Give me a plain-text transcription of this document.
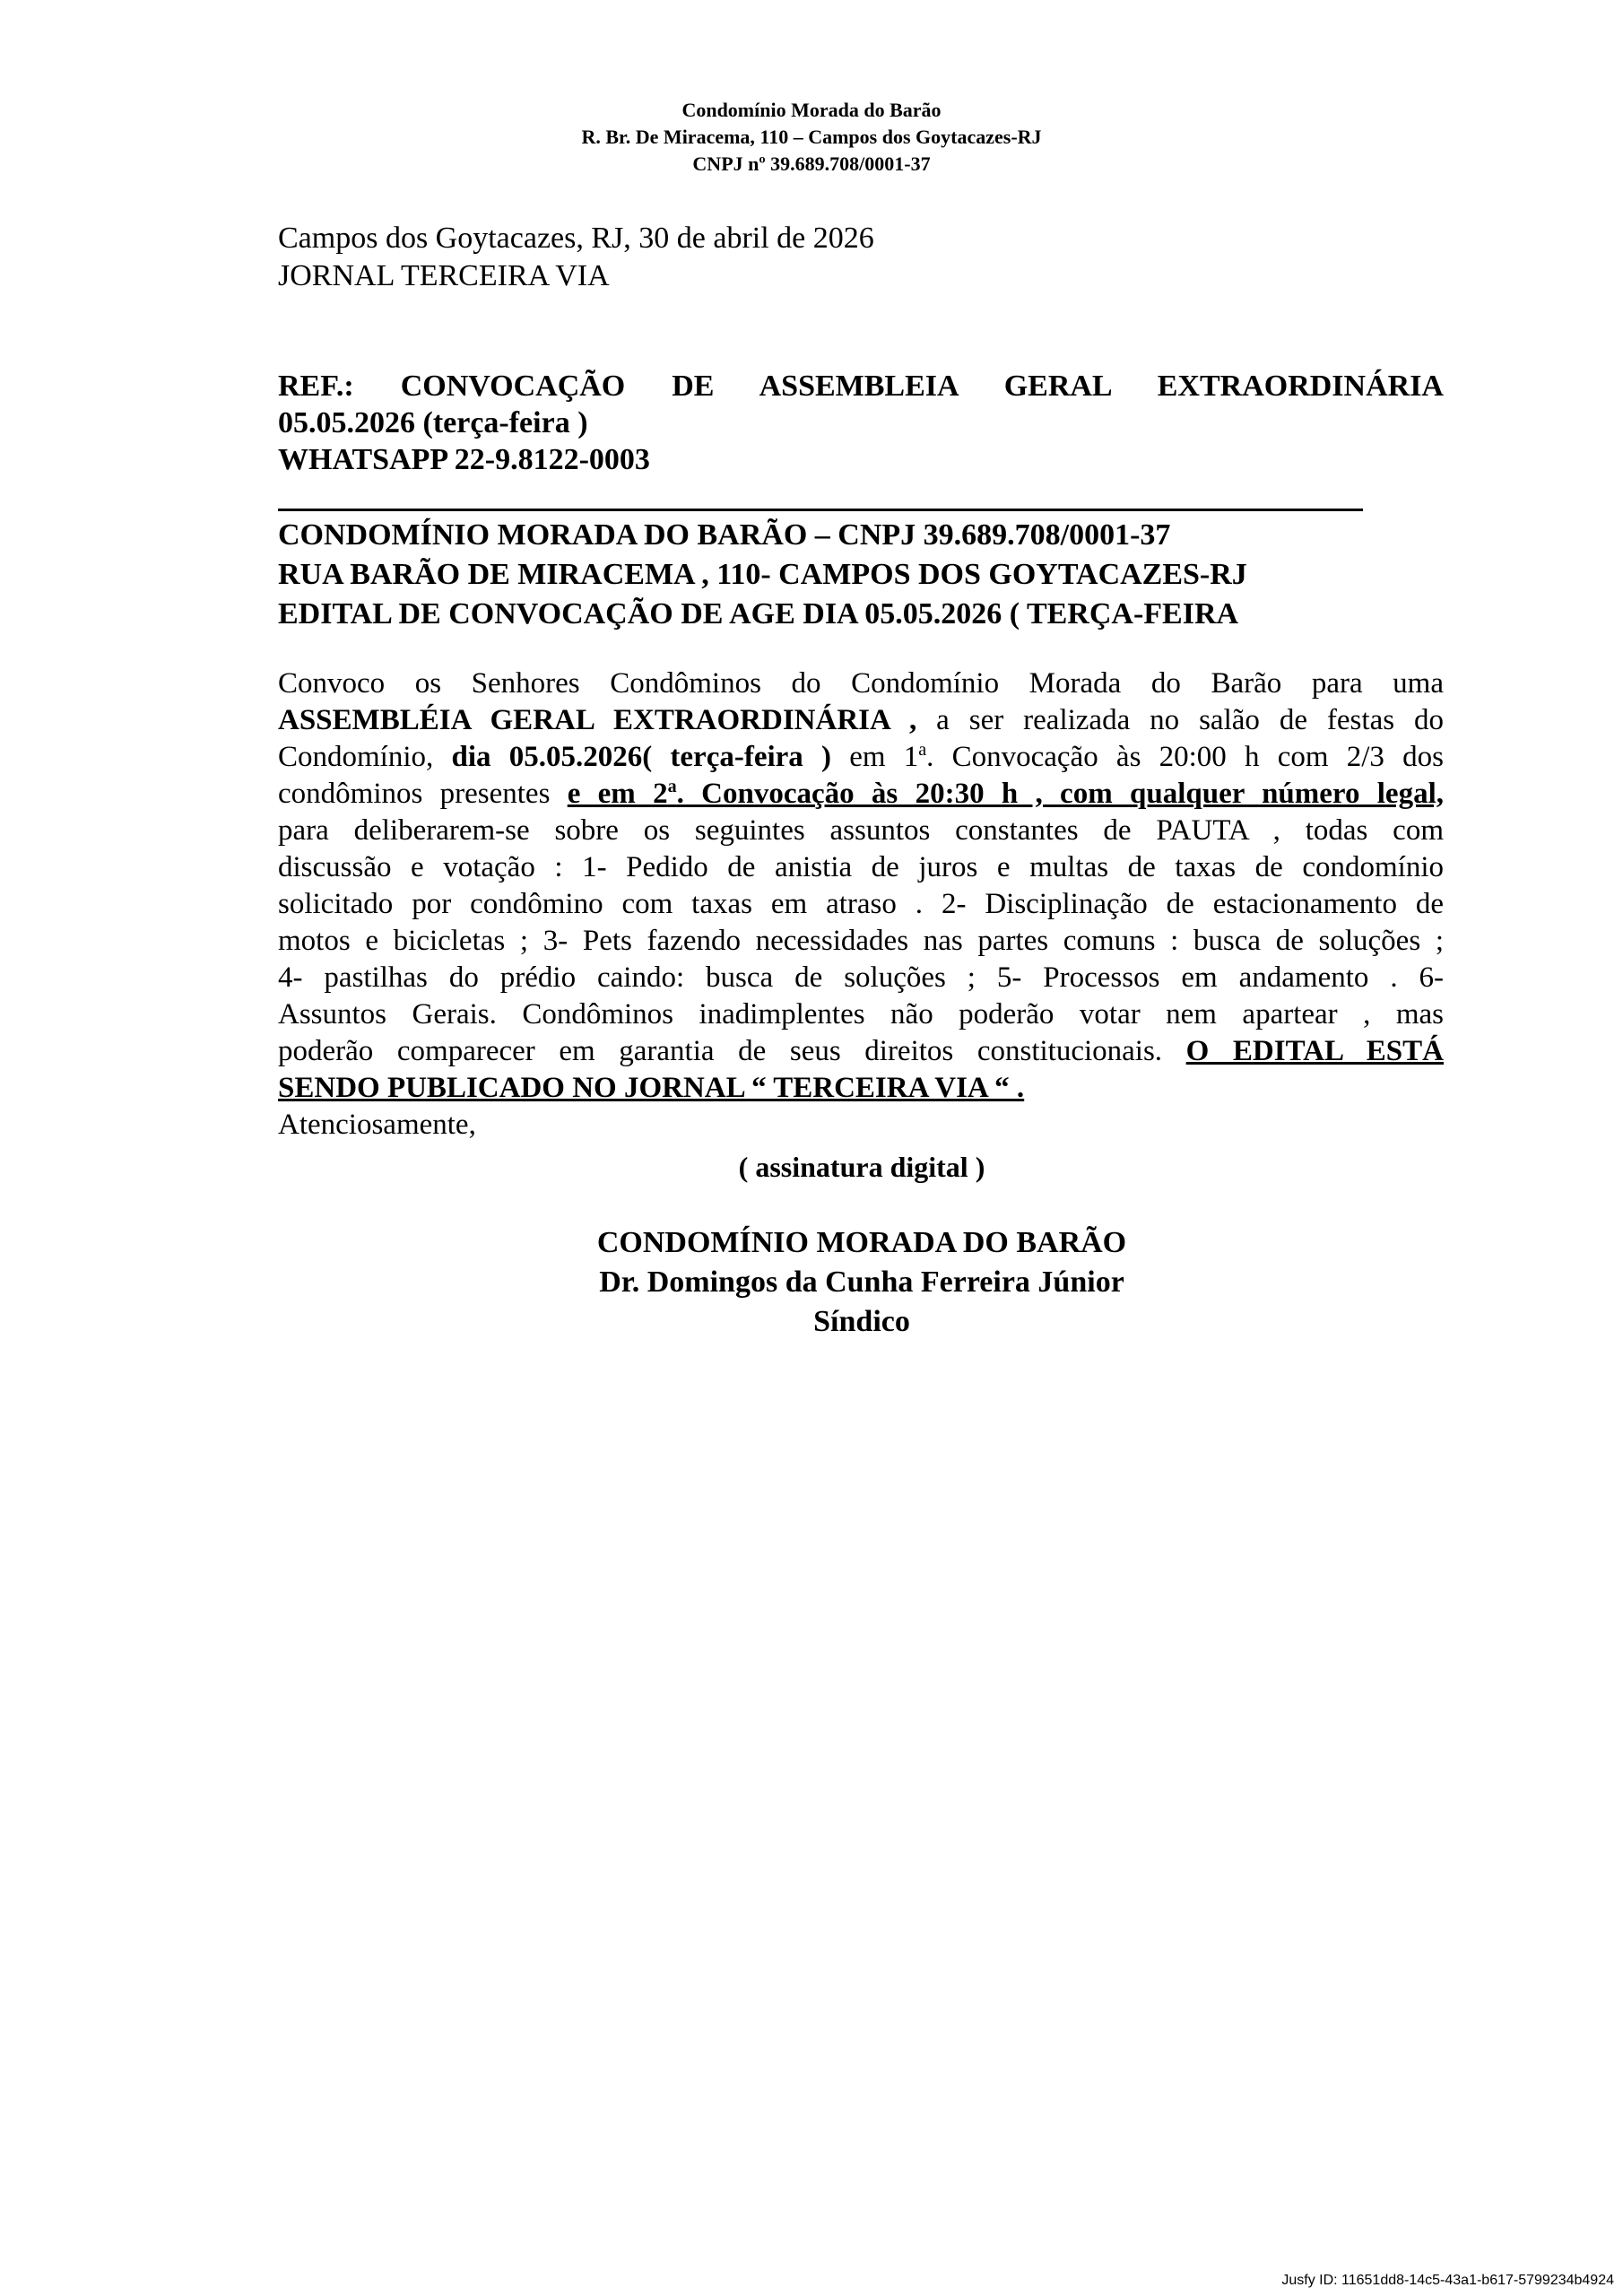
Condomínio Morada do Barão
R. Br. De Miracema, 110 – Campos dos Goytacazes-RJ
CNPJ nº 39.689.708/0001-37
Campos dos Goytacazes, RJ, 30 de abril de 2026
JORNAL TERCEIRA VIA
REF.: CONVOCAÇÃO DE ASSEMBLEIA GERAL EXTRAORDINÁRIA
05.05.2026 (terça-feira )
WHATSAPP 22-9.8122-0003
CONDOMÍNIO MORADA DO BARÃO – CNPJ 39.689.708/0001-37
RUA BARÃO DE MIRACEMA , 110- CAMPOS DOS GOYTACAZES-RJ
EDITAL DE CONVOCAÇÃO DE AGE DIA 05.05.2026 ( TERÇA-FEIRA
Convoco os Senhores Condôminos do Condomínio Morada do Barão para uma
ASSEMBLÉIA GERAL EXTRAORDINÁRIA , a ser realizada no salão de festas do
Condomínio, dia 05.05.2026( terça-feira ) em 1$^a$. Convocação às 20:00 h com 2/3 dos
condôminos presentes e em 2$^a$. Convocação às 20:30 h , com qualquer número legal,
para deliberarem-se sobre os seguintes assuntos constantes de PAUTA , todas com
discussão e votação : 1- Pedido de anistia de juros e multas de taxas de condomínio
solicitado por condômino com taxas em atraso . 2- Disciplinação de estacionamento de
motos e bicicletas ; 3- Pets fazendo necessidades nas partes comuns : busca de soluções ;
4- pastilhas do prédio caindo: busca de soluções ; 5- Processos em andamento . 6-
Assuntos Gerais. Condôminos inadimplentes não poderão votar nem apartear , mas
poderão comparecer em garantia de seus direitos constitucionais. O EDITAL ESTÁ
SENDO PUBLICADO NO JORNAL “ TERCEIRA VIA “ .
Atenciosamente,
( assinatura digital )
CONDOMÍNIO MORADA DO BARÃO
Dr. Domingos da Cunha Ferreira Júnior
Síndico
Jusfy ID: 11651dd8-14c5-43a1-b617-5799234b4924
